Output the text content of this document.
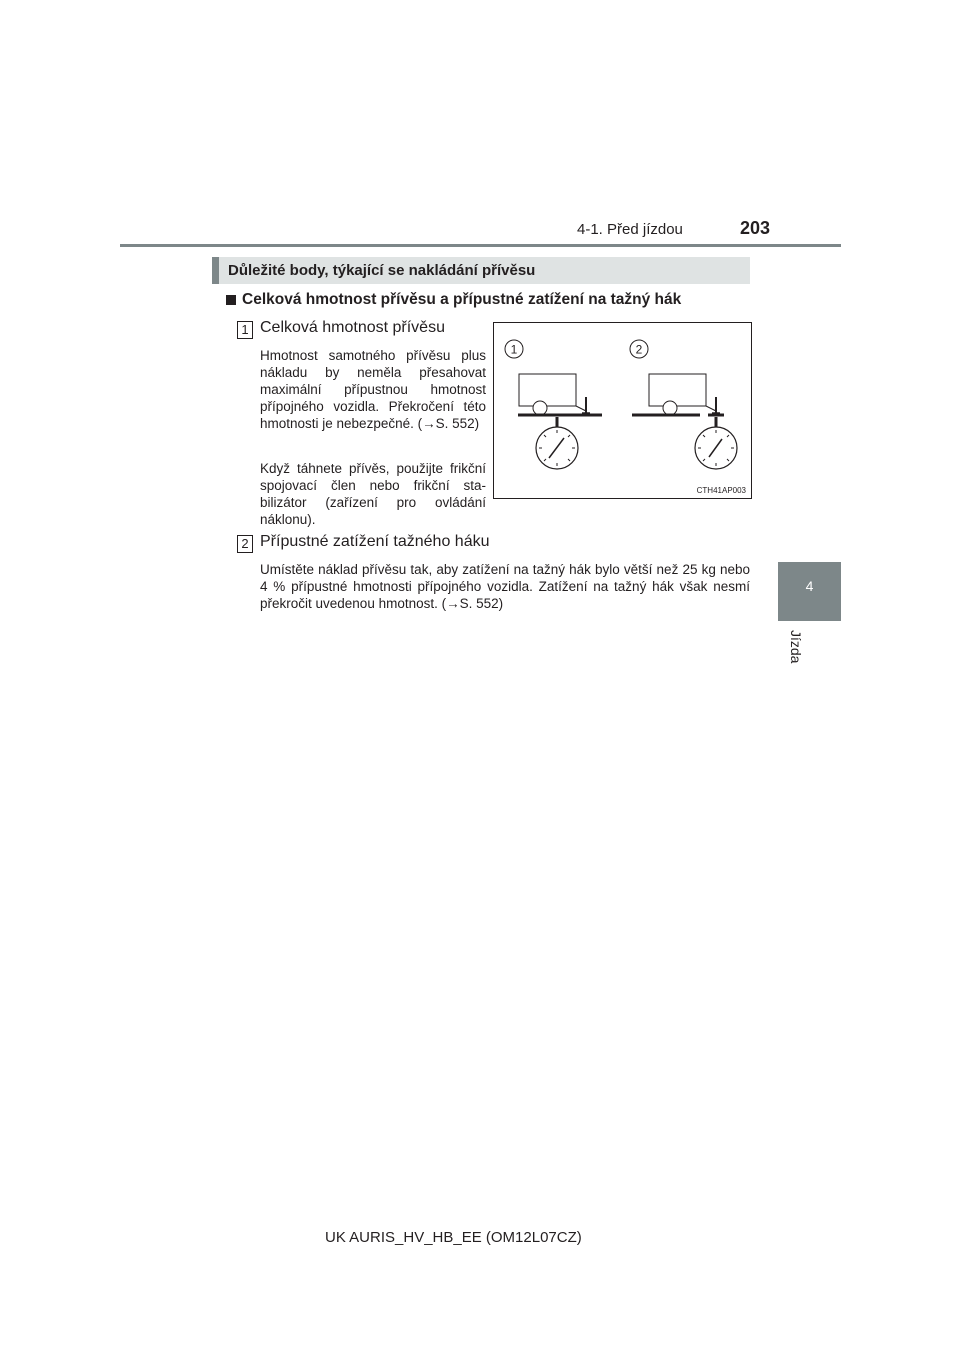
4-1. Před jízdou	203
4
Jízda
Důležité body, týkající se nakládání přívěsu
Celková hmotnost přívěsu a přípustné zatížení na tažný hák
1 Celková hmotnost přívěsu
Hmotnost samotného přívěsu plus nákladu by neměla přesahovat maximální přípustnou hmotnost přípojného vozidla. Překročení této hmotnosti je nebezpečné. (→S. 552)
Když táhnete přívěs, použijte frikční spojovací člen nebo frikční stabilizátor (zařízení pro ovládání náklonu).
1	2
CTH41AP003
2 Přípustné zatížení tažného háku
Umístěte náklad přívěsu tak, aby zatížení na tažný hák bylo větší než 25 kg nebo 4 % přípustné hmotnosti přípojného vozidla. Zatížení na tažný hák však nesmí překročit uvedenou hmotnost. (→S. 552)
UK AURIS_HV_HB_EE (OM12L07CZ)
